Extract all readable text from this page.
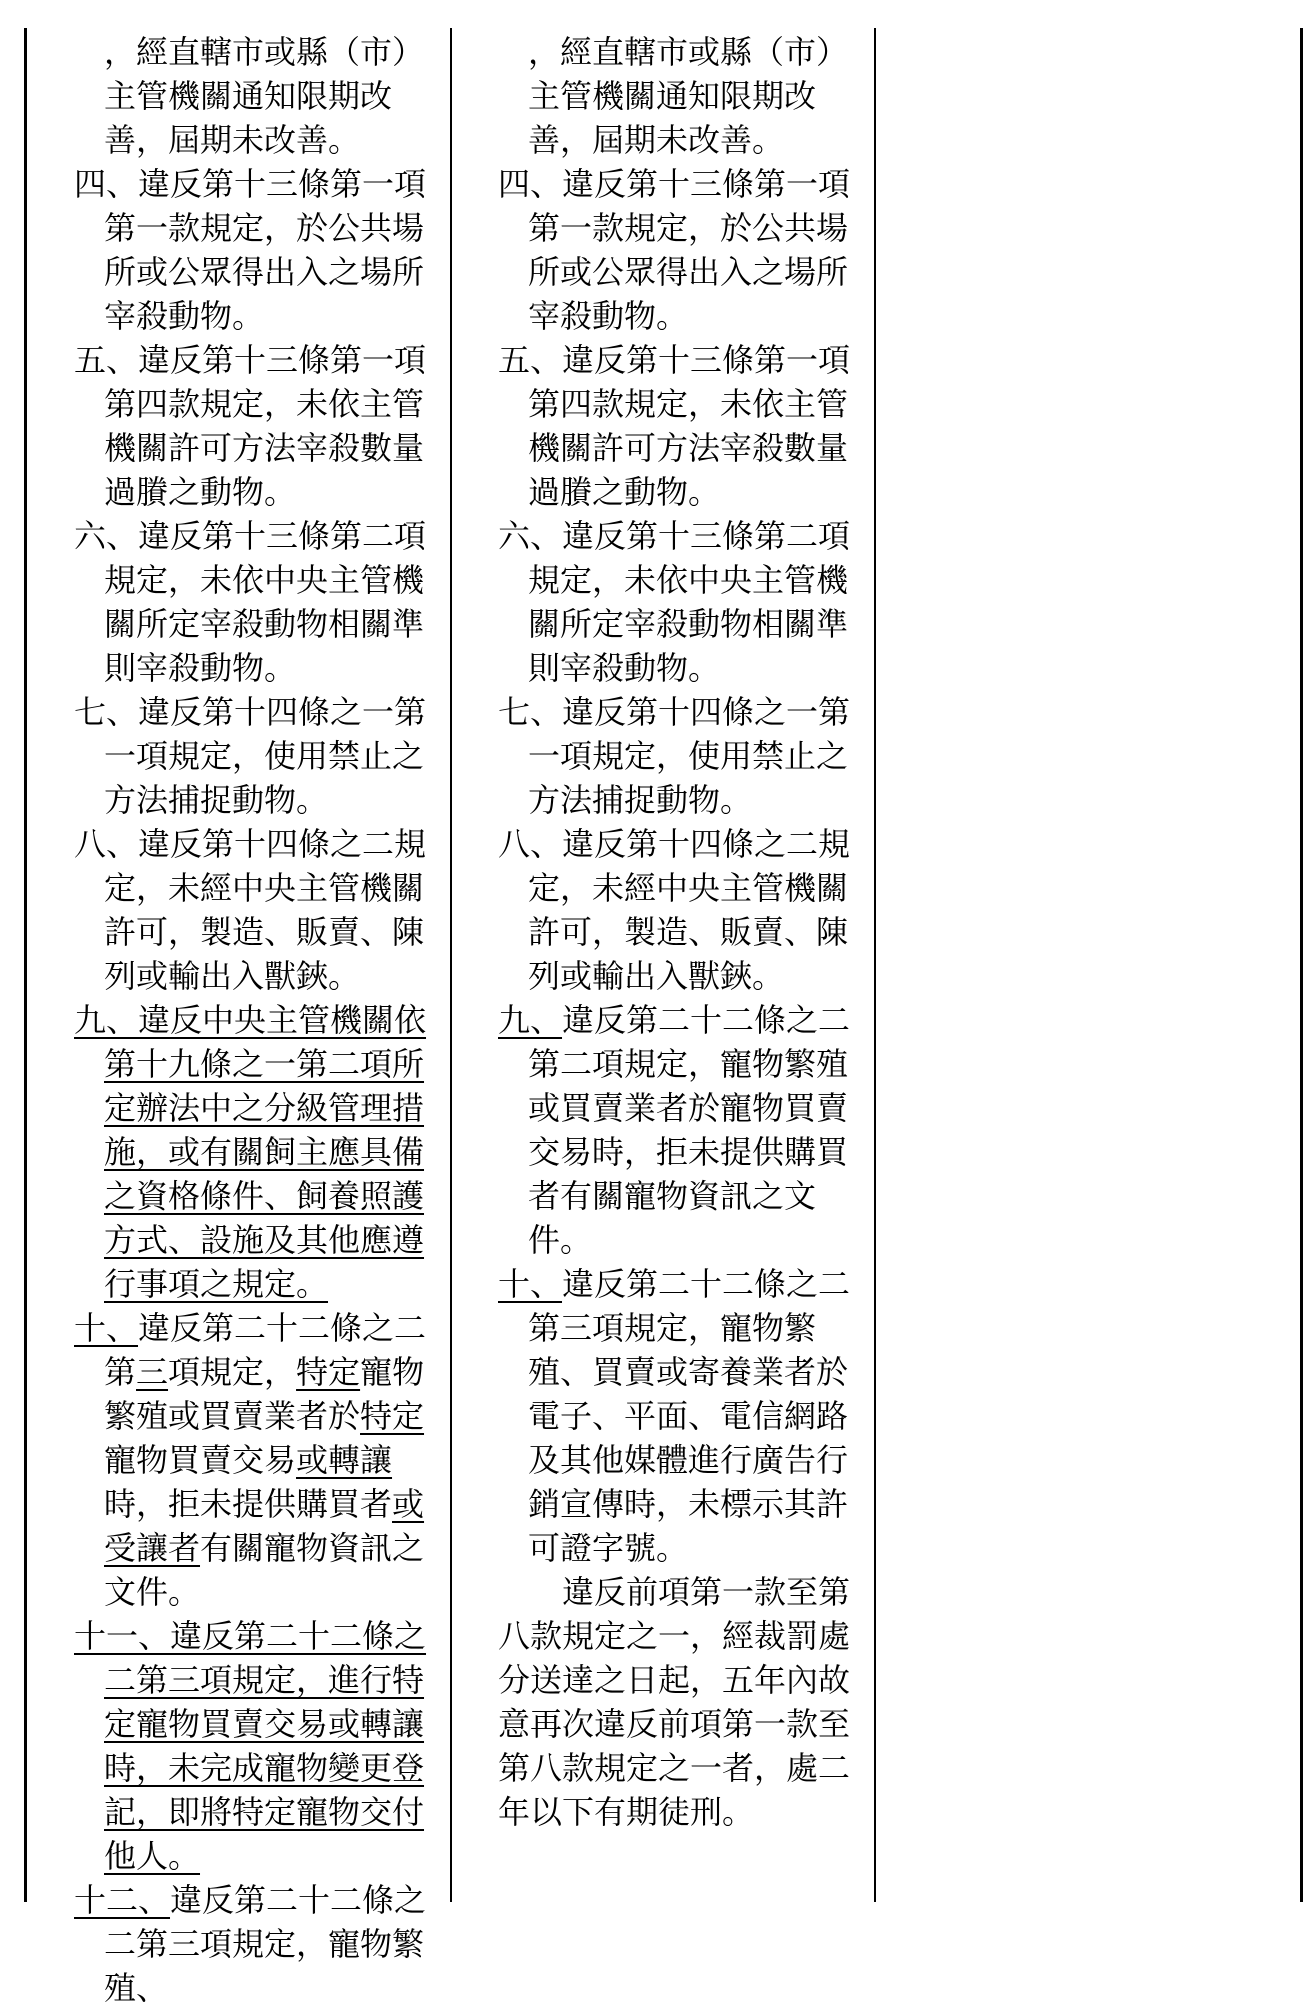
，經直轄市或縣（市）主管機關通知限期改善，屆期未改善。

四、違反第十三條第一項第一款規定，於公共場所或公眾得出入之場所宰殺動物。

五、違反第十三條第一項第四款規定，未依主管機關許可方法宰殺數量過賸之動物。

六、違反第十三條第二項規定，未依中央主管機關所定宰殺動物相關準則宰殺動物。

七、違反第十四條之一第一項規定，使用禁止之方法捕捉動物。

八、違反第十四條之二規定，未經中央主管機關許可，製造、販賣、陳列或輸出入獸鋏。

九、違反中央主管機關依第十九條之一第二項所定辦法中之分級管理措施，或有關飼主應具備之資格條件、飼養照護方式、設施及其他應遵行事項之規定。

十、違反第二十二條之二第三項規定，特定寵物繁殖或買賣業者於特定寵物買賣交易或轉讓時，拒未提供購買者或受讓者有關寵物資訊之文件。

十一、違反第二十二條之二第三項規定，進行特定寵物買賣交易或轉讓時，未完成寵物變更登記，即將特定寵物交付他人。

十二、違反第二十二條之二第三項規定，寵物繁殖、

，經直轄市或縣（市）主管機關通知限期改善，屆期未改善。

四、違反第十三條第一項第一款規定，於公共場所或公眾得出入之場所宰殺動物。

五、違反第十三條第一項第四款規定，未依主管機關許可方法宰殺數量過賸之動物。

六、違反第十三條第二項規定，未依中央主管機關所定宰殺動物相關準則宰殺動物。

七、違反第十四條之一第一項規定，使用禁止之方法捕捉動物。

八、違反第十四條之二規定，未經中央主管機關許可，製造、販賣、陳列或輸出入獸鋏。

九、違反第二十二條之二第二項規定，寵物繁殖或買賣業者於寵物買賣交易時，拒未提供購買者有關寵物資訊之文件。

十、違反第二十二條之二第三項規定，寵物繁殖、買賣或寄養業者於電子、平面、電信網路及其他媒體進行廣告行銷宣傳時，未標示其許可證字號。

違反前項第一款至第八款規定之一，經裁罰處分送達之日起，五年內故意再次違反前項第一款至第八款規定之一者，處二年以下有期徒刑。
